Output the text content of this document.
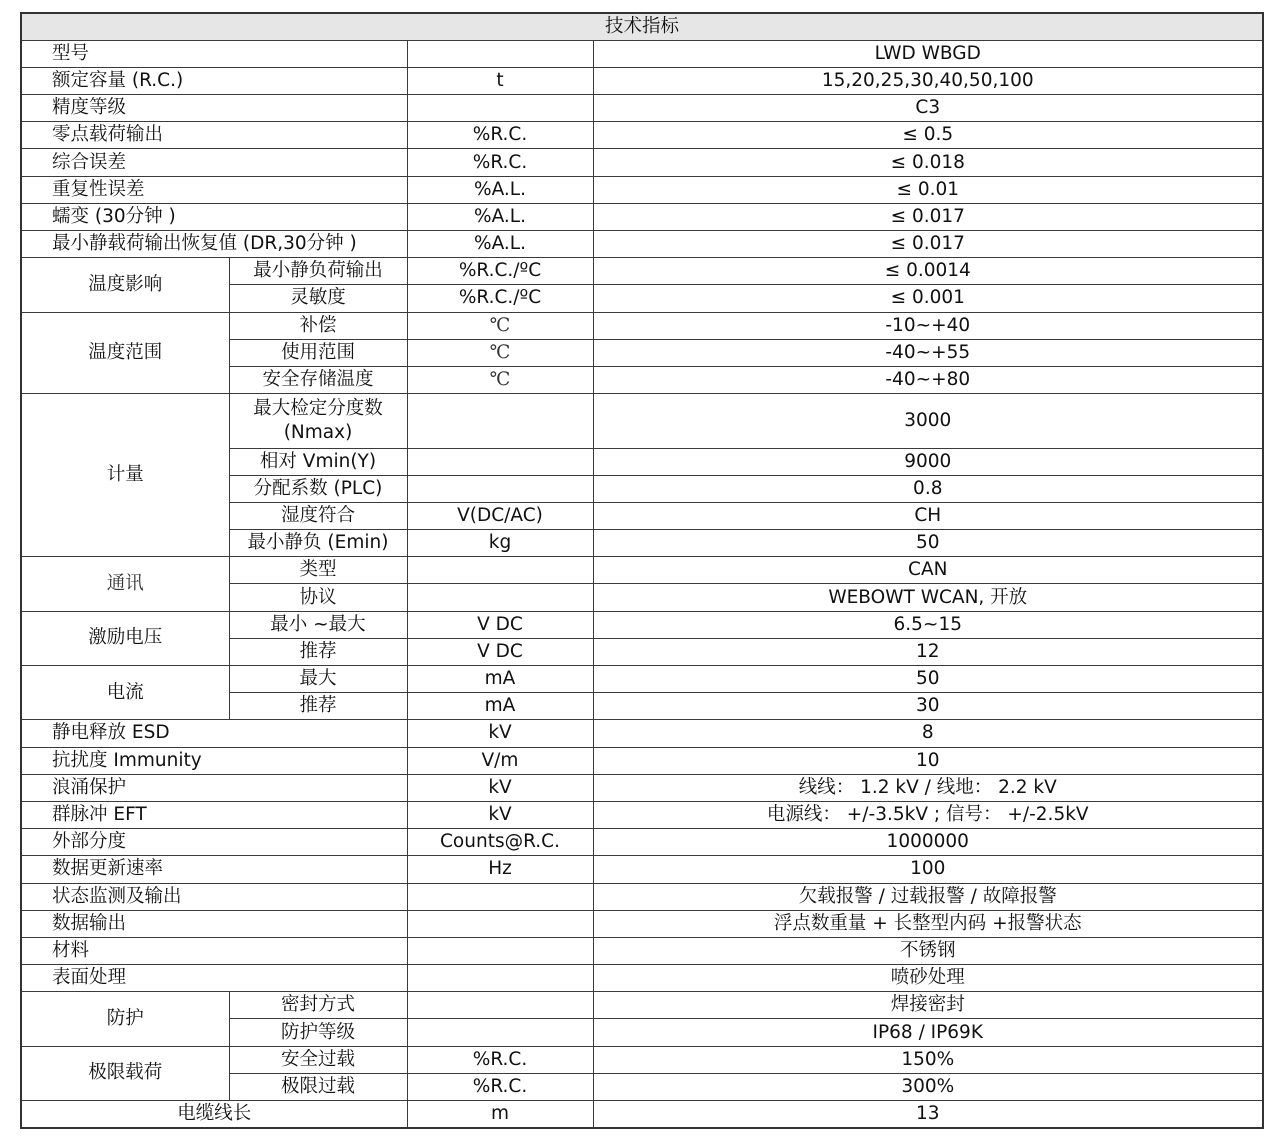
技术指标			
型号			LWD WBGD
额定容量 (R.C.)		t	15,20,25,30,40,50,100
精度等级			C3
零点载荷输出		%R.C.	≤ 0.5
综合误差		%R.C.	≤ 0.018
重复性误差		%A.L.	≤ 0.01
蠕变 (30分钟 )		%A.L.	≤ 0.017
最小静载荷输出恢复值 (DR,30分钟 )		%A.L.	≤ 0.017
温度影响	最小静负荷输出	%R.C./ºC	≤ 0.0014
	灵敏度	%R.C./ºC	≤ 0.001
温度范围	补偿	℃	-10~+40
	使用范围	℃	-40~+55
	安全存储温度	℃	-40~+80
计量	最大检定分度数 (Nmax)		3000
	相对 Vmin(Y)		9000
	分配系数 (PLC)		0.8
	湿度符合	V(DC/AC)	CH
	最小静负 (Emin)	kg	50
通讯	类型		CAN
	协议		WEBOWT WCAN, 开放
激励电压	最小 ~最大	V DC	6.5~15
	推荐	V DC	12
电流	最大	mA	50
	推荐	mA	30
静电释放 ESD		kV	8
抗扰度 Immunity		V/m	10
浪涌保护		kV	线线： 1.2 kV / 线地： 2.2 kV
群脉冲 EFT		kV	电源线： +/-3.5kV ; 信号： +/-2.5kV
外部分度		Counts@R.C.	1000000
数据更新速率		Hz	100
状态监测及输出			欠载报警 / 过载报警 / 故障报警
数据输出			浮点数重量 + 长整型内码 +报警状态
材料			不锈钢
表面处理			喷砂处理
防护	密封方式		焊接密封
	防护等级		IP68 / IP69K
极限载荷	安全过载	%R.C.	150%
	极限过载	%R.C.	300%
电缆线长		m	13
